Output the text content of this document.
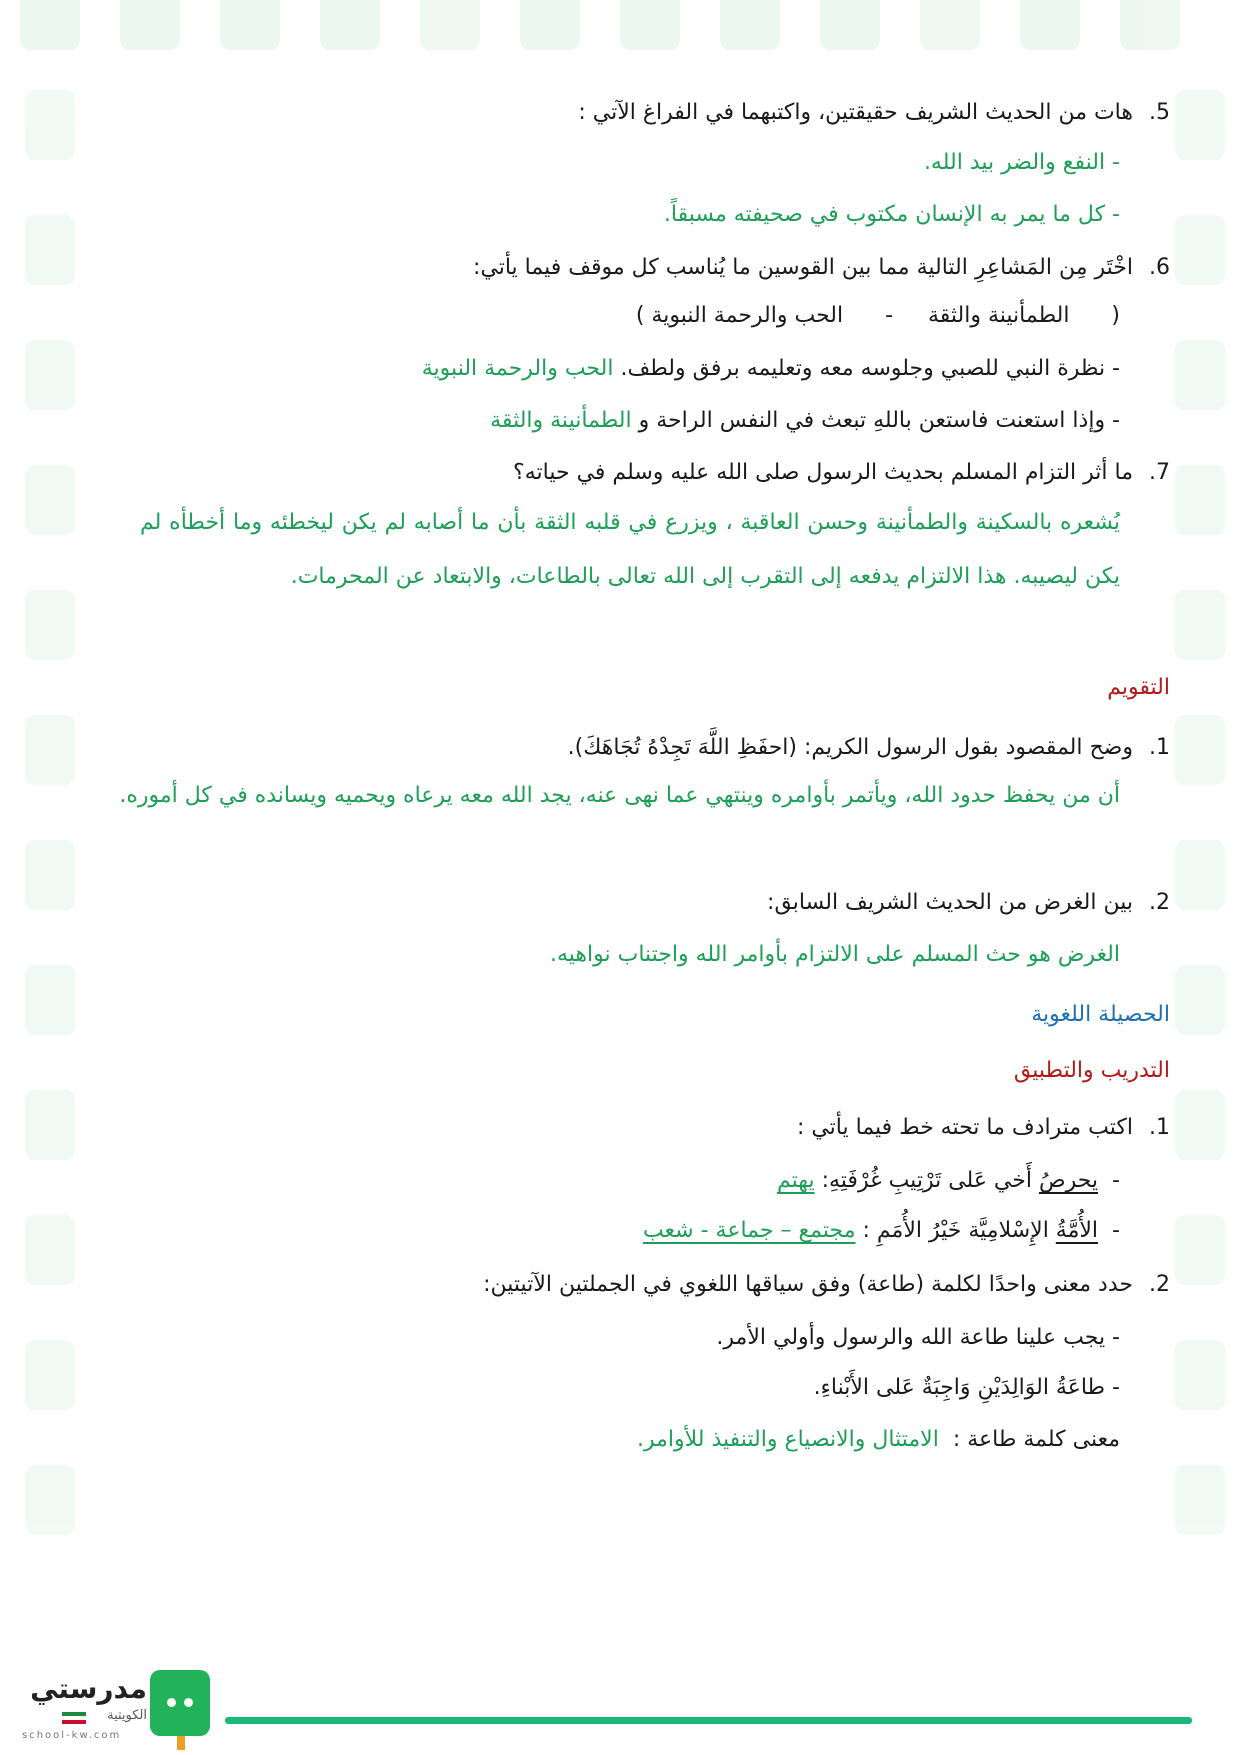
5. هات من الحديث الشريف حقيقتين، واكتبهما في الفراغ الآتي :
- النفع والضر بيد الله.
- كل ما يمر به الإنسان مكتوب في صحيفته مسبقاً.
6. اخْتَر مِن المَشاعِرِ التالية مما بين القوسين ما يُناسب كل موقف فيما يأتي:
(      الطمأنينة والثقة     -      الحب والرحمة النبوية )
- نظرة النبي للصبي وجلوسه معه وتعليمه برفق ولطف. الحب والرحمة النبوية
- وإذا استعنت فاستعن باللهِ تبعث في النفس الراحة و الطمأنينة والثقة
7. ما أثر التزام المسلم بحديث الرسول صلى الله عليه وسلم في حياته؟
يُشعره بالسكينة والطمأنينة وحسن العاقبة ، ويزرع في قلبه الثقة بأن ما أصابه لم يكن ليخطئه وما أخطأه لم يكن ليصيبه. هذا الالتزام يدفعه إلى التقرب إلى الله تعالى بالطاعات، والابتعاد عن المحرمات.
التقويم
1. وضح المقصود بقول الرسول الكريم: (احفَظِ اللَّهَ تَجِدْهُ تُجَاهَكَ).
أن من يحفظ حدود الله، ويأتمر بأوامره وينتهي عما نهى عنه، يجد الله معه يرعاه ويحميه ويسانده في كل أموره.
2. بين الغرض من الحديث الشريف السابق:
الغرض هو حث المسلم على الالتزام بأوامر الله واجتناب نواهيه.
الحصيلة اللغوية
التدريب والتطبيق
1. اكتب مترادف ما تحته خط فيما يأتي :
-  يحرصُ أَخي عَلى تَرْتِيبِ غُرْفَتِهِ: يهتم
-  الأُمَّةُ الإِسْلامِيَّة خَيْرُ الأُمَمِ : مجتمع – جماعة - شعب
2. حدد معنى واحدًا لكلمة (طاعة) وفق سياقها اللغوي في الجملتين الآتيتين:
- يجب علينا طاعة الله والرسول وأولي الأمر.
- طاعَةُ الوَالِدَيْنِ وَاجِبَةٌ عَلى الأَبْناءِ.
معنى كلمة طاعة :  الامتثال والانصياع والتنفيذ للأوامر.
مدرستي
الكويتية
school-kw.com
